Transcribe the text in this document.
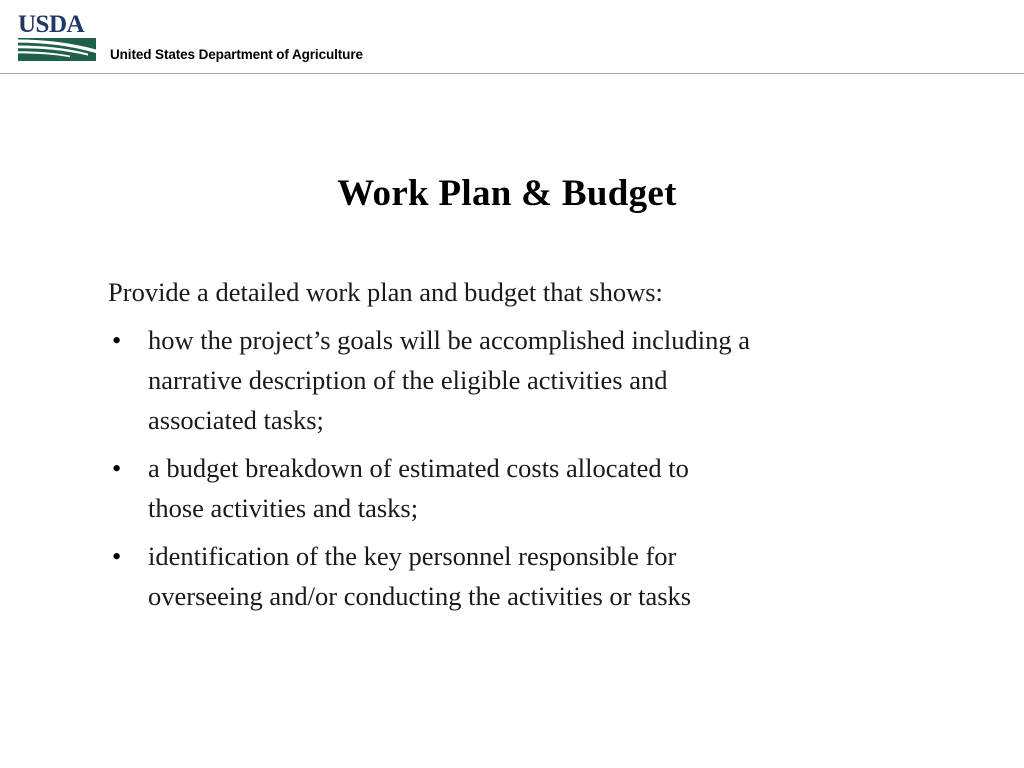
USDA
United States Department of Agriculture
Work Plan & Budget
Provide a detailed work plan and budget that shows:
•	how the project’s goals will be accomplished including a
narrative description of the eligible activities and
associated tasks;
•	a budget breakdown of estimated costs allocated to
those activities and tasks;
•	identification of the key personnel responsible for
overseeing and/or conducting the activities or tasks
